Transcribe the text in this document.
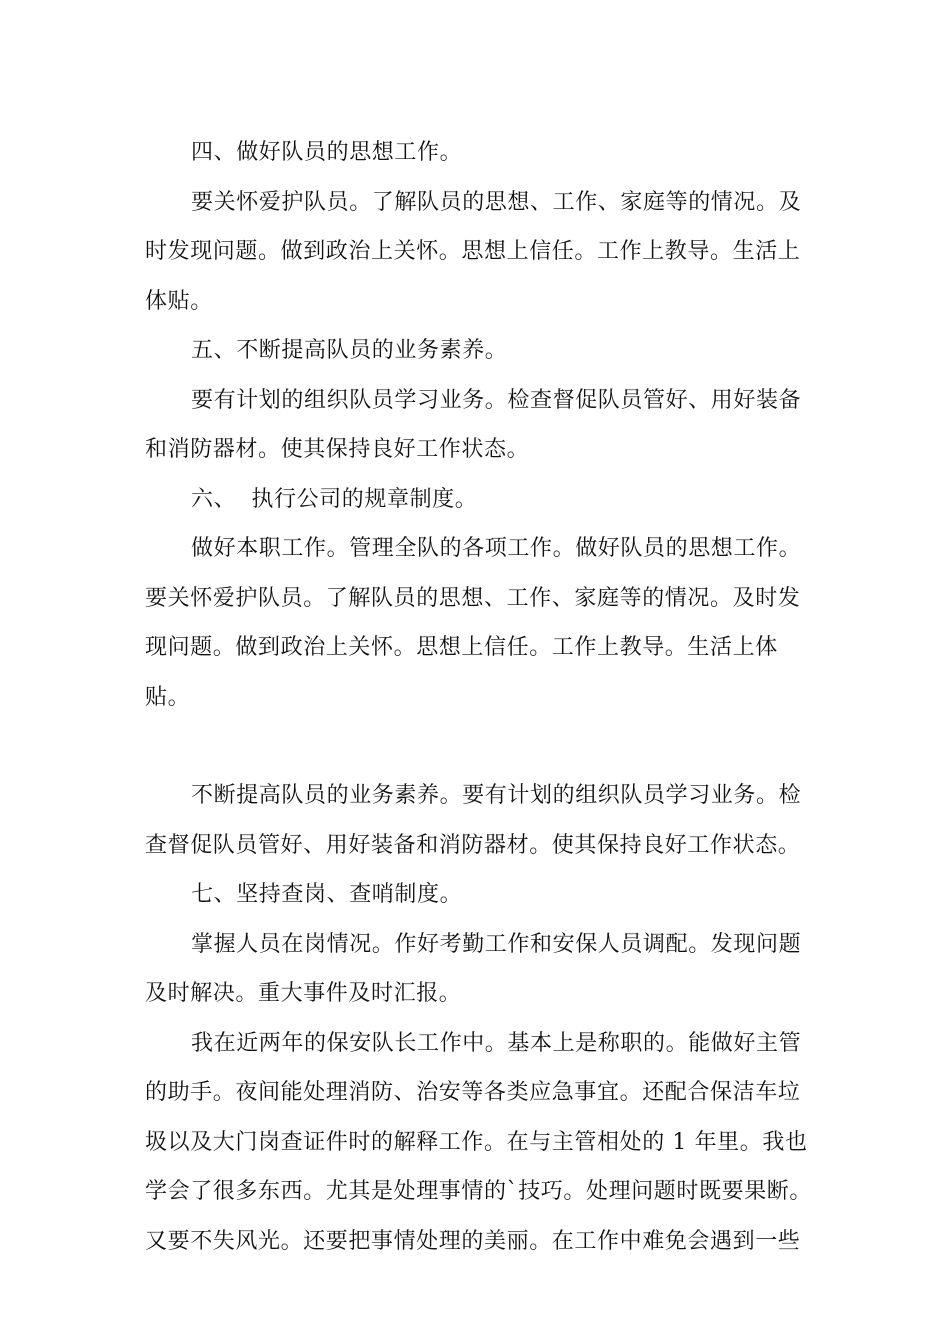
四、做好队员的思想工作。

要关怀爱护队员。了解队员的思想、工作、家庭等的情况。及时发现问题。做到政治上关怀。思想上信任。工作上教导。生活上体贴。

五、不断提高队员的业务素养。

要有计划的组织队员学习业务。检查督促队员管好、用好装备和消防器材。使其保持良好工作状态。

六、  执行公司的规章制度。

做好本职工作。管理全队的各项工作。做好队员的思想工作。要关怀爱护队员。了解队员的思想、工作、家庭等的情况。及时发现问题。做到政治上关怀。思想上信任。工作上教导。生活上体贴。

不断提高队员的业务素养。要有计划的组织队员学习业务。检查督促队员管好、用好装备和消防器材。使其保持良好工作状态。

七、坚持查岗、查哨制度。

掌握人员在岗情况。作好考勤工作和安保人员调配。发现问题及时解决。重大事件及时汇报。

我在近两年的保安队长工作中。基本上是称职的。能做好主管的助手。夜间能处理消防、治安等各类应急事宜。还配合保洁车垃圾以及大门岗查证件时的解释工作。在与主管相处的 1 年里。我也学会了很多东西。尤其是处理事情的`技巧。处理问题时既要果断。又要不失风光。还要把事情处理的美丽。在工作中难免会遇到一些
